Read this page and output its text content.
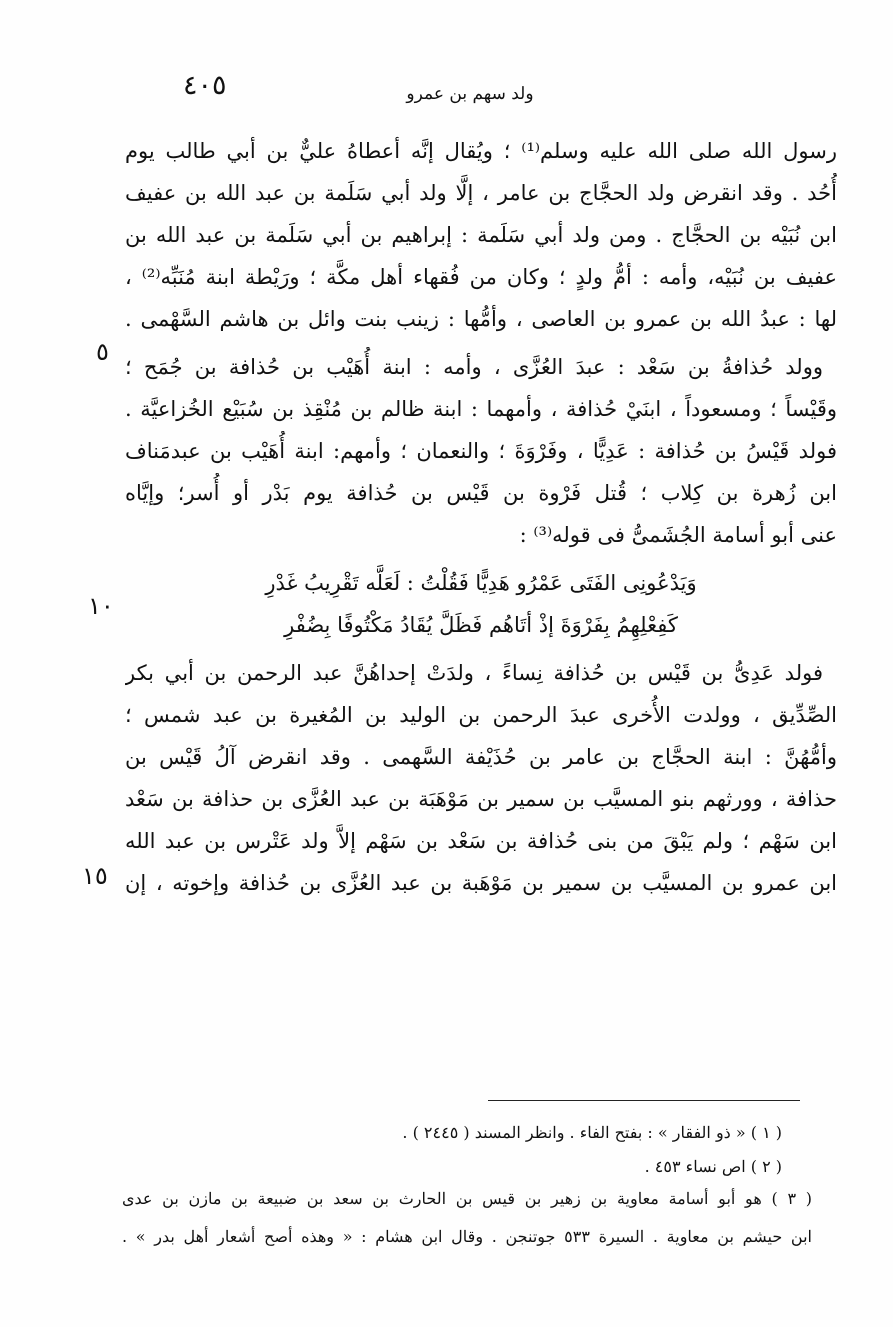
٤٠٥	ولد سهم بن عمرو
رسول الله صلى الله عليه وسلم⁽¹⁾ ؛ ويُقال إنَّه أعطاهُ عليٌّ بن أبي طالب يوم
أُحُد . وقد انقرض ولد الحجَّاج بن عامر ، إلَّا ولد أبي سَلَمة بن عبد الله بن عفيف
ابن نُبَيْه بن الحجَّاج . ومن ولد أبي سَلَمة : إبراهيم بن أبي سَلَمة بن عبد الله بن
عفيف بن نُبَيْه، وأمه : أمُّ ولدٍ ؛ وكان من فُقهاء أهل مكَّة ؛ ورَيْطة ابنة مُنَبِّه⁽²⁾ ،
لها : عبدُ الله بن عمرو بن العاصى ، وأمُّها : زينب بنت وائل بن هاشم السَّهْمى .
وولد حُذافةُ بن سَعْد : عبدَ العُزَّى ، وأمه : ابنة أُهَيْب بن حُذافة بن جُمَح ؛
وقَيْساً ؛ ومسعوداً ، ابنَيْ حُذافة ، وأمهما : ابنة ظالم بن مُنْقِذ بن سُبَيْع الخُزاعيَّة .
فولد قَيْسُ بن حُذافة : عَدِيًّا ، وفَرْوَةَ ؛ والنعمان ؛ وأمهم: ابنة أُهَيْب بن عبدمَناف
ابن زُهرة بن كِلاب ؛ قُتل فَرْوة بن قَيْس بن حُذافة يوم بَدْر أو أُسر؛ وإيَّاه
عنى أبو أسامة الجُشَمىُّ فى قوله⁽³⁾ :
وَيَدْعُونِى الفَتَى عَمْرُو هَدِيًّا فَقُلْتُ : لَعَلَّه تَقْرِيبُ غَدْرِ
كَفِعْلِهِمُ بِفَرْوَةَ إذْ أتَاهُم فَظَلَّ يُقَادُ مَكْتُوفًا بِضُفْرِ
فولد عَدِىُّ بن قَيْس بن حُذافة نِساءً ، ولدَتْ إحداهُنَّ عبد الرحمن بن أبي بكر
الصِّدِّيق ، وولدت الأُخرى عبدَ الرحمن بن الوليد بن المُغيرة بن عبد شمس ؛
وأمُّهُنَّ : ابنة الحجَّاج بن عامر بن حُذَيْفة السَّهمى . وقد انقرض آلُ قَيْس بن
حذافة ، وورثهم بنو المسيَّب بن سمير بن مَوْهَبَة بن عبد العُزَّى بن حذافة بن سَعْد
ابن سَهْم ؛ ولم يَبْقَ من بنى حُذافة بن سَعْد بن سَهْم إلاَّ ولد عَتْرس بن عبد الله
ابن عمرو بن المسيَّب بن سمير بن مَوْهَبة بن عبد العُزَّى بن حُذافة وإخوته ، إن
٥
١٠
١٥
( ١ ) « ذو الفقار » : بفتح الفاء . وانظر المسند ( ٢٤٤٥ ) .
( ٢ ) اص نساء ٤٥٣ .
( ٣ ) هو أبو أسامة معاوية بن زهير بن قيس بن الحارث بن سعد بن ضبيعة بن مازن بن عدى
ابن حيشم بن معاوية . السيرة ٥٣٣ جوتنجن . وقال ابن هشام : « وهذه أصح أشعار أهل بدر » .
